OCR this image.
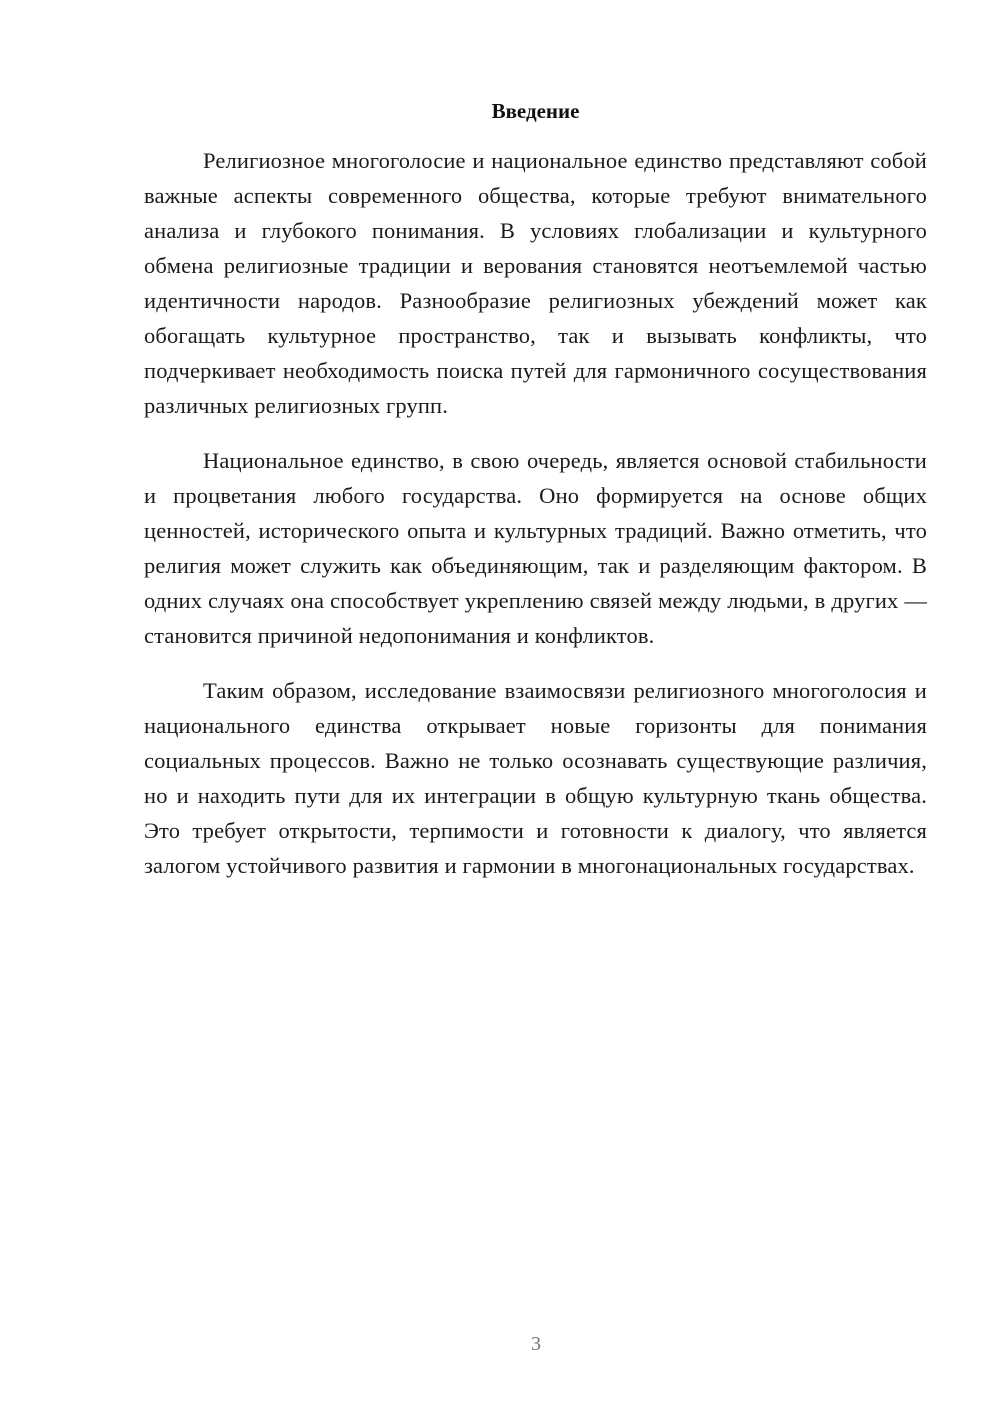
Введение

Религиозное многоголосие и национальное единство представляют собой важные аспекты современного общества, которые требуют внимательного анализа и глубокого понимания. В условиях глобализации и культурного обмена религиозные традиции и верования становятся неотъемлемой частью идентичности народов. Разнообразие религиозных убеждений может как обогащать культурное пространство, так и вызывать конфликты, что подчеркивает необходимость поиска путей для гармоничного сосуществования различных религиозных групп.

Национальное единство, в свою очередь, является основой стабильности и процветания любого государства. Оно формируется на основе общих ценностей, исторического опыта и культурных традиций. Важно отметить, что религия может служить как объединяющим, так и разделяющим фактором. В одних случаях она способствует укреплению связей между людьми, в других — становится причиной недопонимания и конфликтов.

Таким образом, исследование взаимосвязи религиозного многоголосия и национального единства открывает новые горизонты для понимания социальных процессов. Важно не только осознавать существующие различия, но и находить пути для их интеграции в общую культурную ткань общества. Это требует открытости, терпимости и готовности к диалогу, что является залогом устойчивого развития и гармонии в многонациональных государствах.

3
